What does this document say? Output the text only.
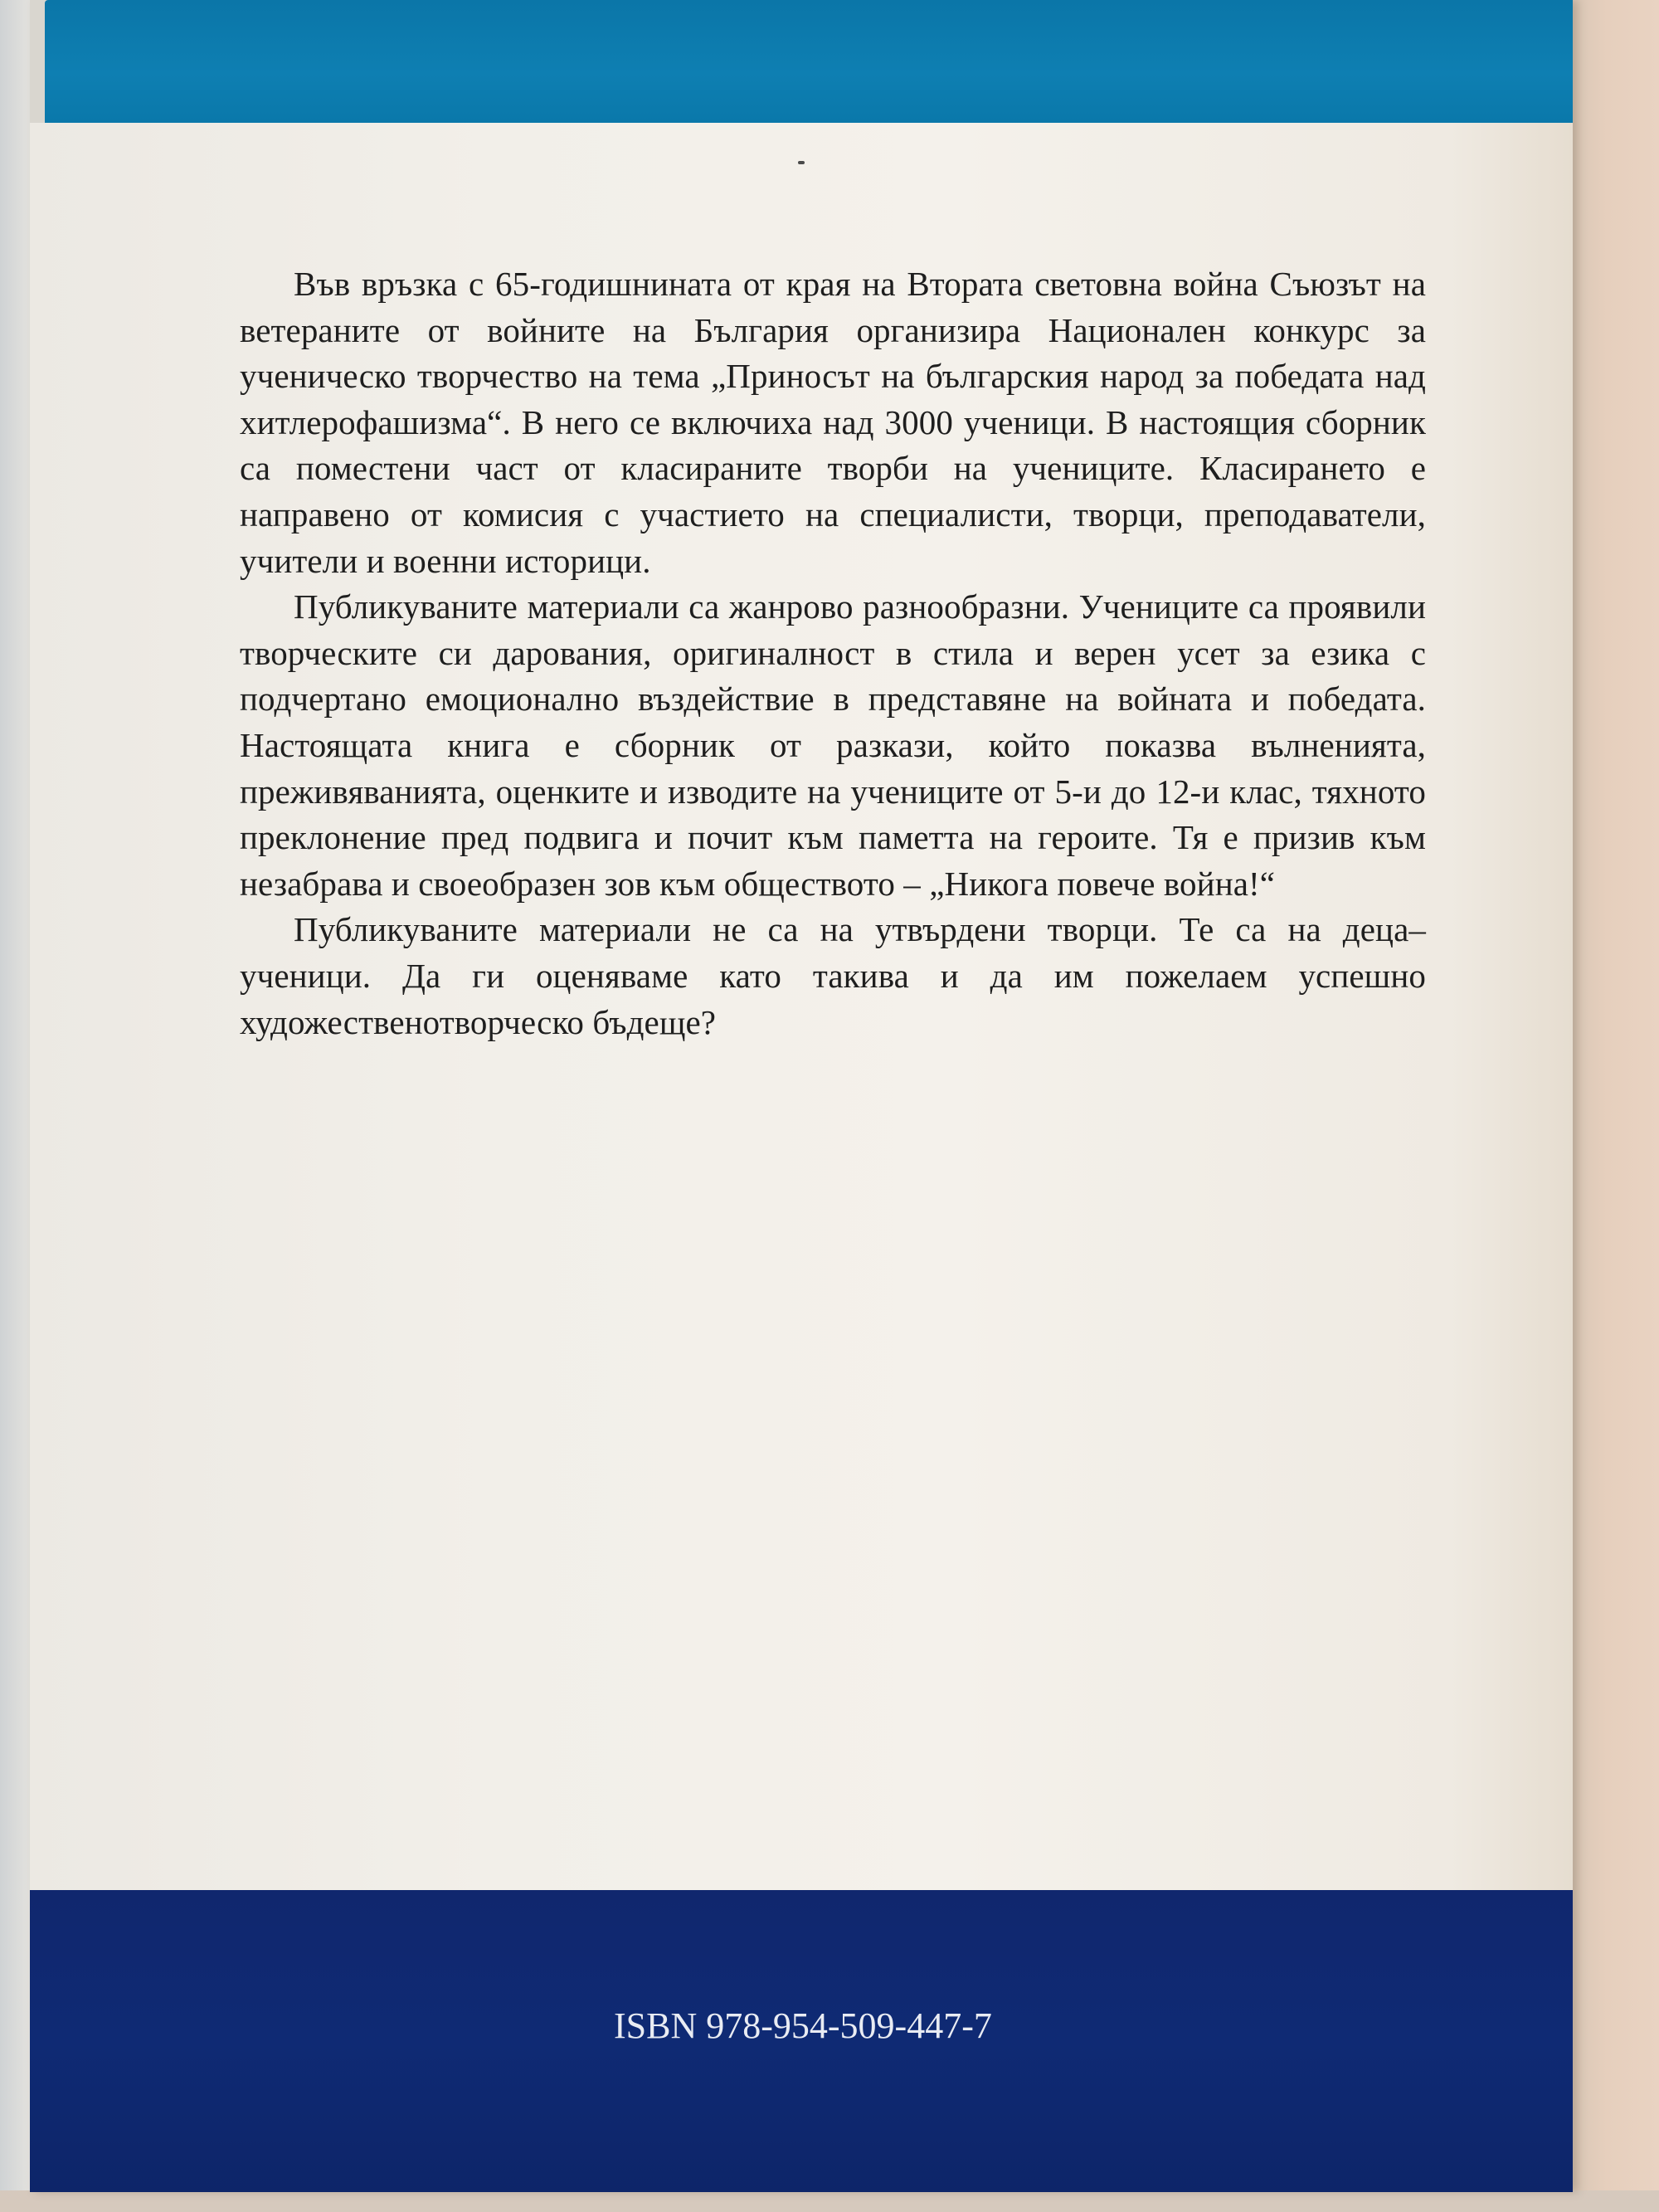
Във връзка с 65-годишнината от края на Втората световна война Съюзът на ветераните от войните на България организира Национален конкурс за ученическо творчество на тема „Приносът на българския народ за победата над хитлерофашизма“. В него се включиха над 3000 ученици. В настоящия сборник са поместени част от класираните творби на учениците. Класирането е направено от комисия с участието на специалисти, творци, преподаватели, учители и военни историци.

Публикуваните материали са жанрово разнообразни. Учениците са проявили творческите си дарования, оригиналност в стила и верен усет за езика с подчертано емоционално въздействие в представяне на войната и победата. Настоящата книга е сборник от разкази, който показва вълненията, преживяванията, оценките и изводите на учениците от 5-и до 12-и клас, тяхното преклонение пред подвига и почит към паметта на героите. Тя е призив към незабрава и своеобразен зов към обществото – „Никога повече война!“

Публикуваните материали не са на утвърдени творци. Те са на деца–ученици. Да ги оценяваме като такива и да им пожелаем успешно художественотворческо бъдеще?

ISBN 978-954-509-447-7
